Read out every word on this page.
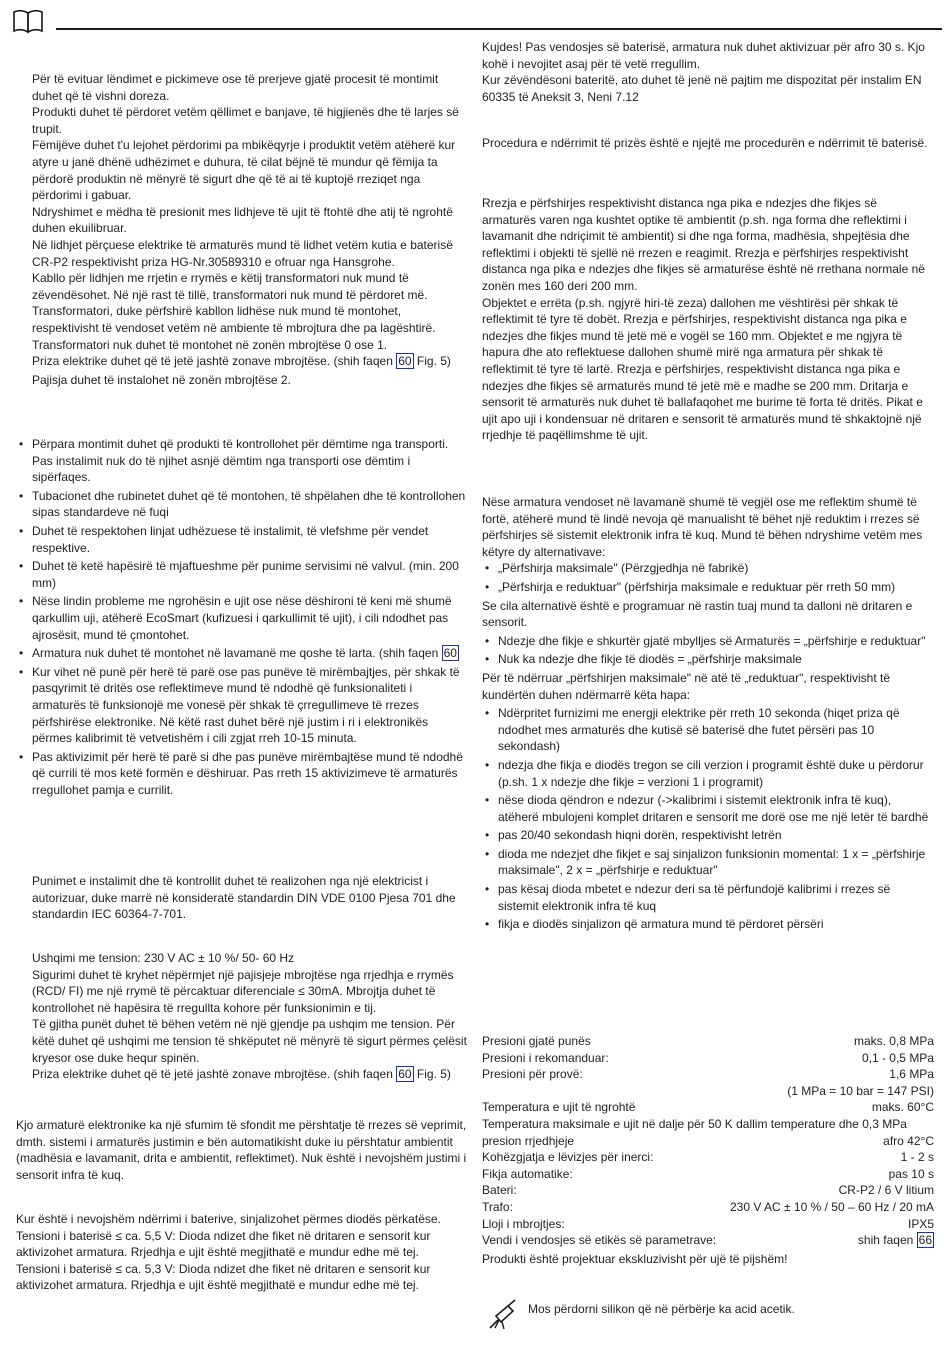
Për të evituar lëndimet e pickimeve ose të prerjeve gjatë procesit të montimit duhet që të vishni doreza.

Produkti duhet të përdoret vetëm qëllimet e banjave, të higjienës dhe të larjes së trupit.

Fëmijëve duhet t'u lejohet përdorimi pa mbikëqyrje i produktit vetëm atëherë kur atyre u janë dhënë udhëzimet e duhura, të cilat bëjnë të mundur që fëmija ta përdorë produktin në mënyrë të sigurt dhe që të ai të kuptojë rreziqet nga përdorimi i gabuar.

Ndryshimet e mëdha të presionit mes lidhjeve të ujit të ftohtë dhe atij të ngrohtë duhen ekuilibruar.

Në lidhjet përçuese elektrike të armaturës mund të lidhet vetëm kutia e baterisë CR-P2 respektivisht priza HG-Nr.30589310 e ofruar nga Hansgrohe.

Kabllo për lidhjen me rrjetin e rrymës e këtij transformatori nuk mund të zëvendësohet. Në një rast të tillë, transformatori nuk mund të përdoret më.

Transformatori, duke përfshirë kabllon lidhëse nuk mund të montohet, respektivisht të vendoset vetëm në ambiente të mbrojtura dhe pa lagështirë.

Transformatori nuk duhet të montohet në zonën mbrojtëse 0 ose 1.

Priza elektrike duhet që të jetë jashtë zonave mbrojtëse. (shih faqen 60 Fig. 5)

Pajisja duhet të instalohet në zonën mbrojtëse 2.

• Përpara montimit duhet që produkti të kontrollohet për dëmtime nga transporti. Pas instalimit nuk do të njihet asnjë dëmtim nga transporti ose dëmtim i sipërfaqes.
• Tubacionet dhe rubinetet duhet që të montohen, të shpëlahen dhe të kontrollohen sipas standardeve në fuqi
• Duhet të respektohen linjat udhëzuese të instalimit, të vlefshme për vendet respektive.
• Duhet të ketë hapësirë të mjaftueshme për punime servisimi në valvul. (min. 200 mm)
• Nëse lindin probleme me ngrohësin e ujit ose nëse dëshironi të keni më shumë qarkullim uji, atëherë EcoSmart (kufizuesi i qarkullimit të ujit), i cili ndodhet pas ajrosësit, mund të çmontohet.
• Armatura nuk duhet të montohet në lavamanë me qoshe të larta. (shih faqen 60
• Kur vihet në punë për herë të parë ose pas punëve të mirëmbajtjes, për shkak të pasqyrimit të dritës ose reflektimeve mund të ndodhë që funksionaliteti i armaturës të funksionojë me vonesë për shkak të çrregullimeve të rrezes përfshirëse elektronike. Në këtë rast duhet bërë një justim i ri i elektronikës përmes kalibrimit të vetvetishëm i cili zgjat rreh 10-15 minuta.
• Pas aktivizimit për herë të parë si dhe pas punëve mirëmbajtëse mund të ndodhë që currili të mos ketë formën e dëshiruar. Pas rreth 15 aktivizimeve të armaturës rregullohet pamja e currilit.

Punimet e instalimit dhe të kontrollit duhet të realizohen nga një elektricist i autorizuar, duke marrë në konsideratë standardin DIN VDE 0100 Pjesa 701 dhe standardin IEC 60364-7-701.

Ushqimi me tension: 230 V AC ± 10 %/ 50- 60 Hz

Sigurimi duhet të kryhet nëpërmjet një pajisjeje mbrojtëse nga rrjedhja e rrymës (RCD/ FI) me një rrymë të përcaktuar diferenciale ≤ 30mA. Mbrojtja duhet të kontrollohet në hapësira të rregullta kohore për funksionimin e tij.

Të gjitha punët duhet të bëhen vetëm në një gjendje pa ushqim me tension. Për këtë duhet që ushqimi me tension të shkëputet në mënyrë të sigurt përmes çelësit kryesor ose duke hequr spinën.

Priza elektrike duhet që të jetë jashtë zonave mbrojtëse. (shih faqen 60 Fig. 5)

Kjo armaturë elektronike ka një sfumim të sfondit me përshtatje të rrezes së veprimit, dmth. sistemi i armaturës justimin e bën automatikisht duke iu përshtatur ambientit (madhësia e lavamanit, drita e ambientit, reflektimet). Nuk është i nevojshëm justimi i sensorit infra të kuq.

Kur është i nevojshëm ndërrimi i baterive, sinjalizohet përmes diodës përkatëse.

Tensioni i baterisë ≤ ca. 5,5 V: Dioda ndizet dhe fiket në dritaren e sensorit kur aktivizohet armatura. Rrjedhja e ujit është megjithatë e mundur edhe më tej.

Tensioni i baterisë ≤ ca. 5,3 V: Dioda ndizet dhe fiket në dritaren e sensorit kur aktivizohet armatura. Rrjedhja e ujit është megjithatë e mundur edhe më tej.

Kujdes! Pas vendosjes së baterisë, armatura nuk duhet aktivizuar për afro 30 s. Kjo kohë i nevojitet asaj për të vetë rregullim.

Kur zëvëndësoni bateritë, ato duhet të jenë në pajtim me dispozitat për instalim EN 60335 të Aneksit 3, Neni 7.12

Procedura e ndërrimit të prizës është e njejtë me procedurën e ndërrimit të baterisë.

Rrezja e përfshirjes respektivisht distanca nga pika e ndezjes dhe fikjes së armaturës varen nga kushtet optike të ambientit (p.sh. nga forma dhe reflektimi i lavamanit dhe ndriçimit të ambientit) si dhe nga forma, madhësia, shpejtësia dhe reflektimi i objekti të sjellë në rrezen e reagimit. Rrezja e përfshirjes respektivisht distanca nga pika e ndezjes dhe fikjes së armaturëse është në rrethana normale në zonën mes 160 deri 200 mm.

Objektet e errëta (p.sh. ngjyrë hiri-të zeza) dallohen me vështirësi për shkak të reflektimit të tyre të dobët. Rrezja e përfshirjes, respektivisht distanca nga pika e ndezjes dhe fikjes mund të jetë më e vogël se 160 mm. Objektet e me ngjyra të hapura dhe ato reflektuese dallohen shumë mirë nga armatura për shkak të reflektimit të tyre të lartë. Rrezja e përfshirjes, respektivisht distanca nga pika e ndezjes dhe fikjes së armaturës mund të jetë më e madhe se 200 mm. Dritarja e sensorit të armaturës nuk duhet të ballafaqohet me burime të forta të dritës. Pikat e ujit apo uji i kondensuar në dritaren e sensorit të armaturës mund të shkaktojnë një rrjedhje të paqëllimshme të ujit.

Nëse armatura vendoset në lavamanë shumë të vegjël ose me reflektim shumë të fortë, atëherë mund të lindë nevoja që manualisht të bëhet një reduktim i rrezes së përfshirjes së sistemit elektronik infra të kuq. Mund të bëhen ndryshime vetëm mes këtyre dy alternativave:

• „Përfshirja maksimale" (Përzgjedhja në fabrikë)
• „Përfshirja e reduktuar" (përfshirja maksimale e reduktuar për rreth 50 mm)

Se cila alternativë është e programuar në rastin tuaj mund ta dalloni në dritaren e sensorit.

• Ndezje dhe fikje e shkurtër gjatë mbylljes së Armaturës = „përfshirje e reduktuar"
• Nuk ka ndezje dhe fikje të diodës = „përfshirje maksimale

Për të ndërruar „përfshirjen maksimale" në atë të „reduktuar", respektivisht të kundërtën duhen ndërmarrë këta hapa:

• Ndërpritet furnizimi me energji elektrike për rreth 10 sekonda (hiqet priza që ndodhet mes armaturës dhe kutisë së baterisë dhe futet përsëri pas 10 sekondash)
• ndezja dhe fikja e diodës tregon se cili verzion i programit është duke u përdorur (p.sh. 1 x ndezje dhe fikje = verzioni 1 i programit)
• nëse dioda qëndron e ndezur (->kalibrimi i sistemit elektronik infra të kuq), atëherë mbulojeni komplet dritaren e sensorit me dorë ose me një letër të bardhë
• pas 20/40 sekondash hiqni dorën, respektivisht letrën
• dioda me ndezjet dhe fikjet e saj sinjalizon funksionin momental: 1 x = „përfshirje maksimale", 2 x = „përfshirje e reduktuar"
• pas kësaj dioda mbetet e ndezur deri sa të përfundojë kalibrimi i rrezes së sistemit elektronik infra të kuq
• fikja e diodës sinjalizon që armatura mund të përdoret përsëri
Presioni gjatë punës	maks. 0,8 MPa
Presioni i rekomanduar:	0,1 - 0,5 MPa
Presioni për provë:	1,6 MPa
(1 MPa = 10 bar = 147 PSI)
Temperatura e ujit të ngrohtë	maks. 60°C
Temperatura maksimale e ujit në dalje për 50 K dallim temperature dhe 0,3 MPa
presion rrjedhjeje	afro 42°C
Kohëzgjatja e lëvizjes për inerci:	1 - 2 s
Fikja automatike:	pas 10 s
Bateri:	CR-P2 / 6 V litium
Trafo:	230 V AC ± 10 % / 50 – 60 Hz / 20 mA
Lloji i mbrojtjes:	IPX5
Vendi i vendosjes së etikës së parametrave:	shih faqen 66

Produkti është projektuar ekskluzivisht për ujë të pijshëm!

Mos përdorni silikon që në përbërje ka acid acetik.
